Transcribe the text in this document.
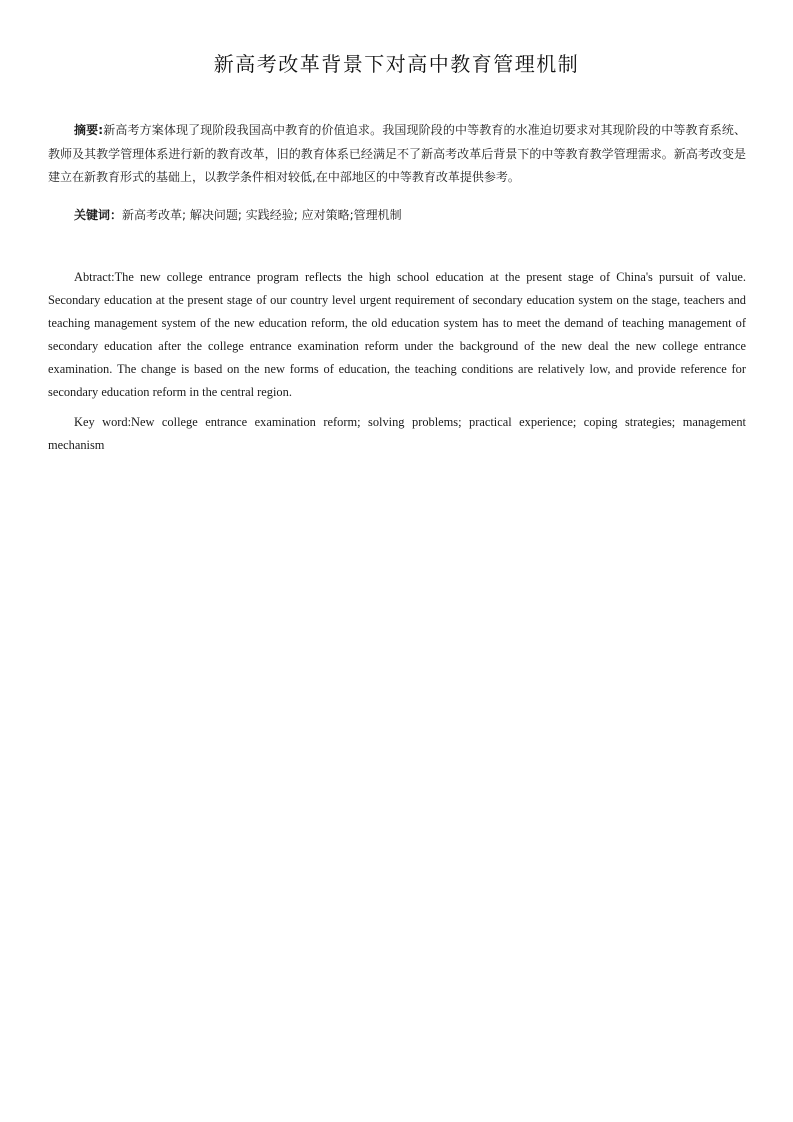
新高考改革背景下对高中教育管理机制

摘要:新高考方案体现了现阶段我国高中教育的价值追求。我国现阶段的中等教育的水准迫切要求对其现阶段的中等教育系统、教师及其教学管理体系进行新的教育改革，旧的教育体系已经满足不了新高考改革后背景下的中等教育教学管理需求。新高考改变是建立在新教育形式的基础上，以教学条件相对较低,在中部地区的中等教育改革提供参考。

关键词：新高考改革; 解决问题; 实践经验; 应对策略;管理机制

Abtract:The new college entrance program reflects the high school education at the present stage of China's pursuit of value. Secondary education at the present stage of our country level urgent requirement of secondary education system on the stage, teachers and teaching management system of the new education reform, the old education system has to meet the demand of teaching management of secondary education after the college entrance examination reform under the background of the new deal the new college entrance examination. The change is based on the new forms of education, the teaching conditions are relatively low, and provide reference for secondary education reform in the central region.

Key word:New college entrance examination reform; solving problems; practical experience; coping strategies; management mechanism
